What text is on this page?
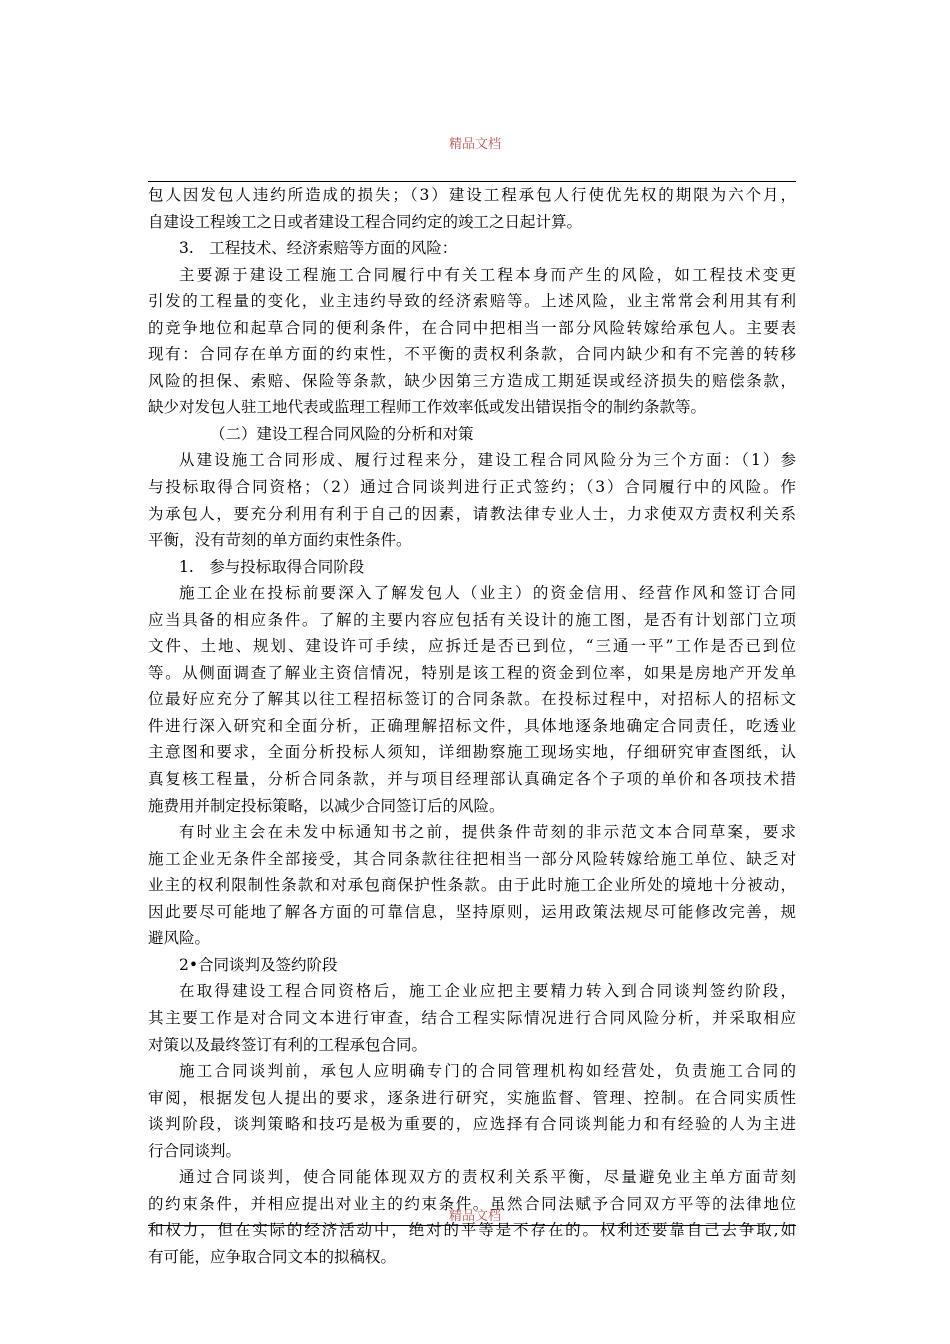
精品文档
包人因发包人违约所造成的损失；（3）建设工程承包人行使优先权的期限为六个月，
自建设工程竣工之日或者建设工程合同约定的竣工之日起计算。
3.　工程技术、经济索赔等方面的风险：
主要源于建设工程施工合同履行中有关工程本身而产生的风险，如工程技术变更
引发的工程量的变化，业主违约导致的经济索赔等。上述风险，业主常常会利用其有利
的竞争地位和起草合同的便利条件，在合同中把相当一部分风险转嫁给承包人。主要表
现有：合同存在单方面的约束性，不平衡的责权利条款，合同内缺少和有不完善的转移
风险的担保、索赔、保险等条款，缺少因第三方造成工期延误或经济损失的赔偿条款，
缺少对发包人驻工地代表或监理工程师工作效率低或发出错误指令的制约条款等。
（二）建设工程合同风险的分析和对策
从建设施工合同形成、履行过程来分，建设工程合同风险分为三个方面：（1）参
与投标取得合同资格；（2）通过合同谈判进行正式签约；（3）合同履行中的风险。作
为承包人，要充分利用有利于自己的因素，请教法律专业人士，力求使双方责权利关系
平衡，没有苛刻的单方面约束性条件。
1.　参与投标取得合同阶段
施工企业在投标前要深入了解发包人（业主）的资金信用、经营作风和签订合同
应当具备的相应条件。了解的主要内容应包括有关设计的施工图，是否有计划部门立项
文件、土地、规划、建设许可手续，应拆迁是否已到位，“三通一平”工作是否已到位
等。从侧面调查了解业主资信情况，特别是该工程的资金到位率，如果是房地产开发单
位最好应充分了解其以往工程招标签订的合同条款。在投标过程中，对招标人的招标文
件进行深入研究和全面分析，正确理解招标文件，具体地逐条地确定合同责任，吃透业
主意图和要求，全面分析投标人须知，详细勘察施工现场实地，仔细研究审查图纸，认
真复核工程量，分析合同条款，并与项目经理部认真确定各个子项的单价和各项技术措
施费用并制定投标策略，以减少合同签订后的风险。
有时业主会在未发中标通知书之前，提供条件苛刻的非示范文本合同草案，要求
施工企业无条件全部接受，其合同条款往往把相当一部分风险转嫁给施工单位、缺乏对
业主的权利限制性条款和对承包商保护性条款。由于此时施工企业所处的境地十分被动，
因此要尽可能地了解各方面的可靠信息，坚持原则，运用政策法规尽可能修改完善，规
避风险。
2•合同谈判及签约阶段
在取得建设工程合同资格后，施工企业应把主要精力转入到合同谈判签约阶段，
其主要工作是对合同文本进行审查，结合工程实际情况进行合同风险分析，并采取相应
对策以及最终签订有利的工程承包合同。
施工合同谈判前，承包人应明确专门的合同管理机构如经营处，负责施工合同的
审阅，根据发包人提出的要求，逐条进行研究，实施监督、管理、控制。在合同实质性
谈判阶段，谈判策略和技巧是极为重要的，应选择有合同谈判能力和有经验的人为主进
行合同谈判。
通过合同谈判，使合同能体现双方的责权利关系平衡，尽量避免业主单方面苛刻
的约束条件，并相应提出对业主的约束条件。虽然合同法赋予合同双方平等的法律地位
和权力，但在实际的经济活动中，绝对的平等是不存在的。权利还要靠自己去争取,如
有可能，应争取合同文本的拟稿权。
精品文档
